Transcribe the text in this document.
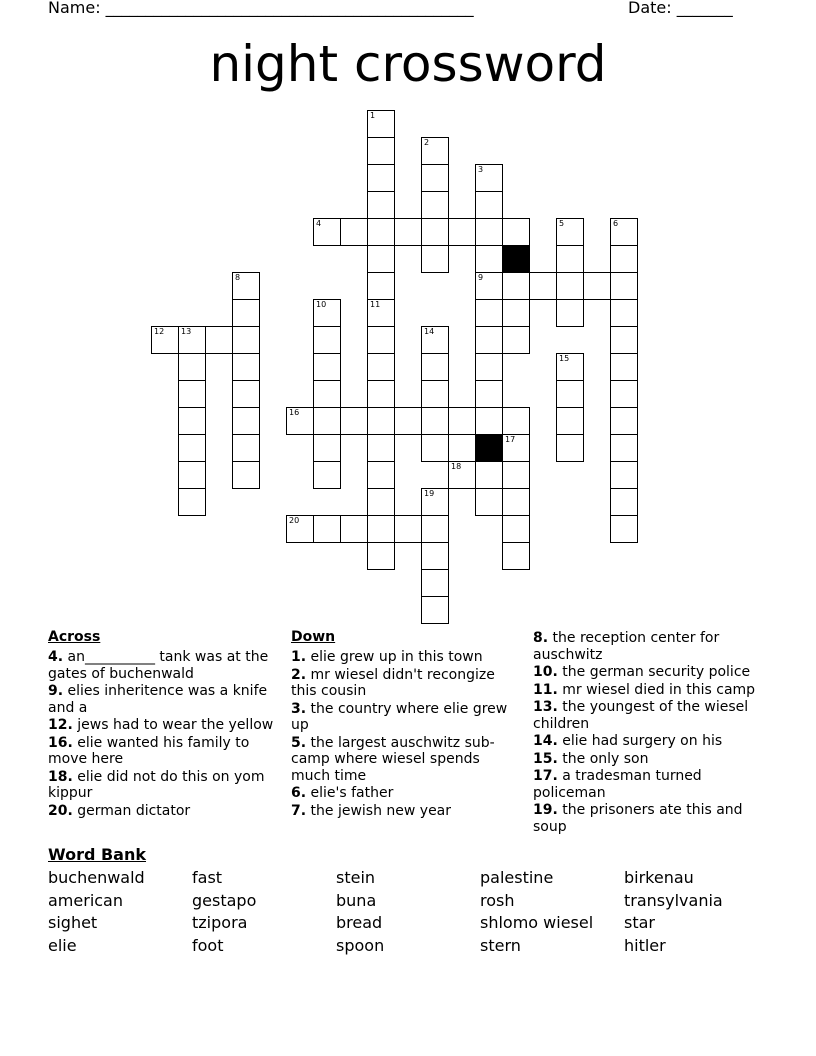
Name: ______________________________________________	Date: _______
night crossword
1
11
2
3
9
4	5	6
8
10
12 13	14
15
16
17
18
19
20
Across
4. an__________ tank was at the gates of buchenwald
9. elies inheritence was a knife and a
12. jews had to wear the yellow
16. elie wanted his family to move here
18. elie did not do this on yom kippur
20. german dictator
Down
1. elie grew up in this town
2. mr wiesel didn't recongize this cousin
3. the country where elie grew up
5. the largest auschwitz sub-camp where wiesel spends much time
6. elie's father
7. the jewish new year
8. the reception center for auschwitz
10. the german security police
11. mr wiesel died in this camp
13. the youngest of the wiesel children
14. elie had surgery on his
15. the only son
17. a tradesman turned policeman
19. the prisoners ate this and soup
Word Bank
buchenwald	fast	stein	palestine	birkenau
american	gestapo	buna	rosh	transylvania
sighet	tzipora	bread	shlomo wiesel	star
elie	foot	spoon	stern	hitler
